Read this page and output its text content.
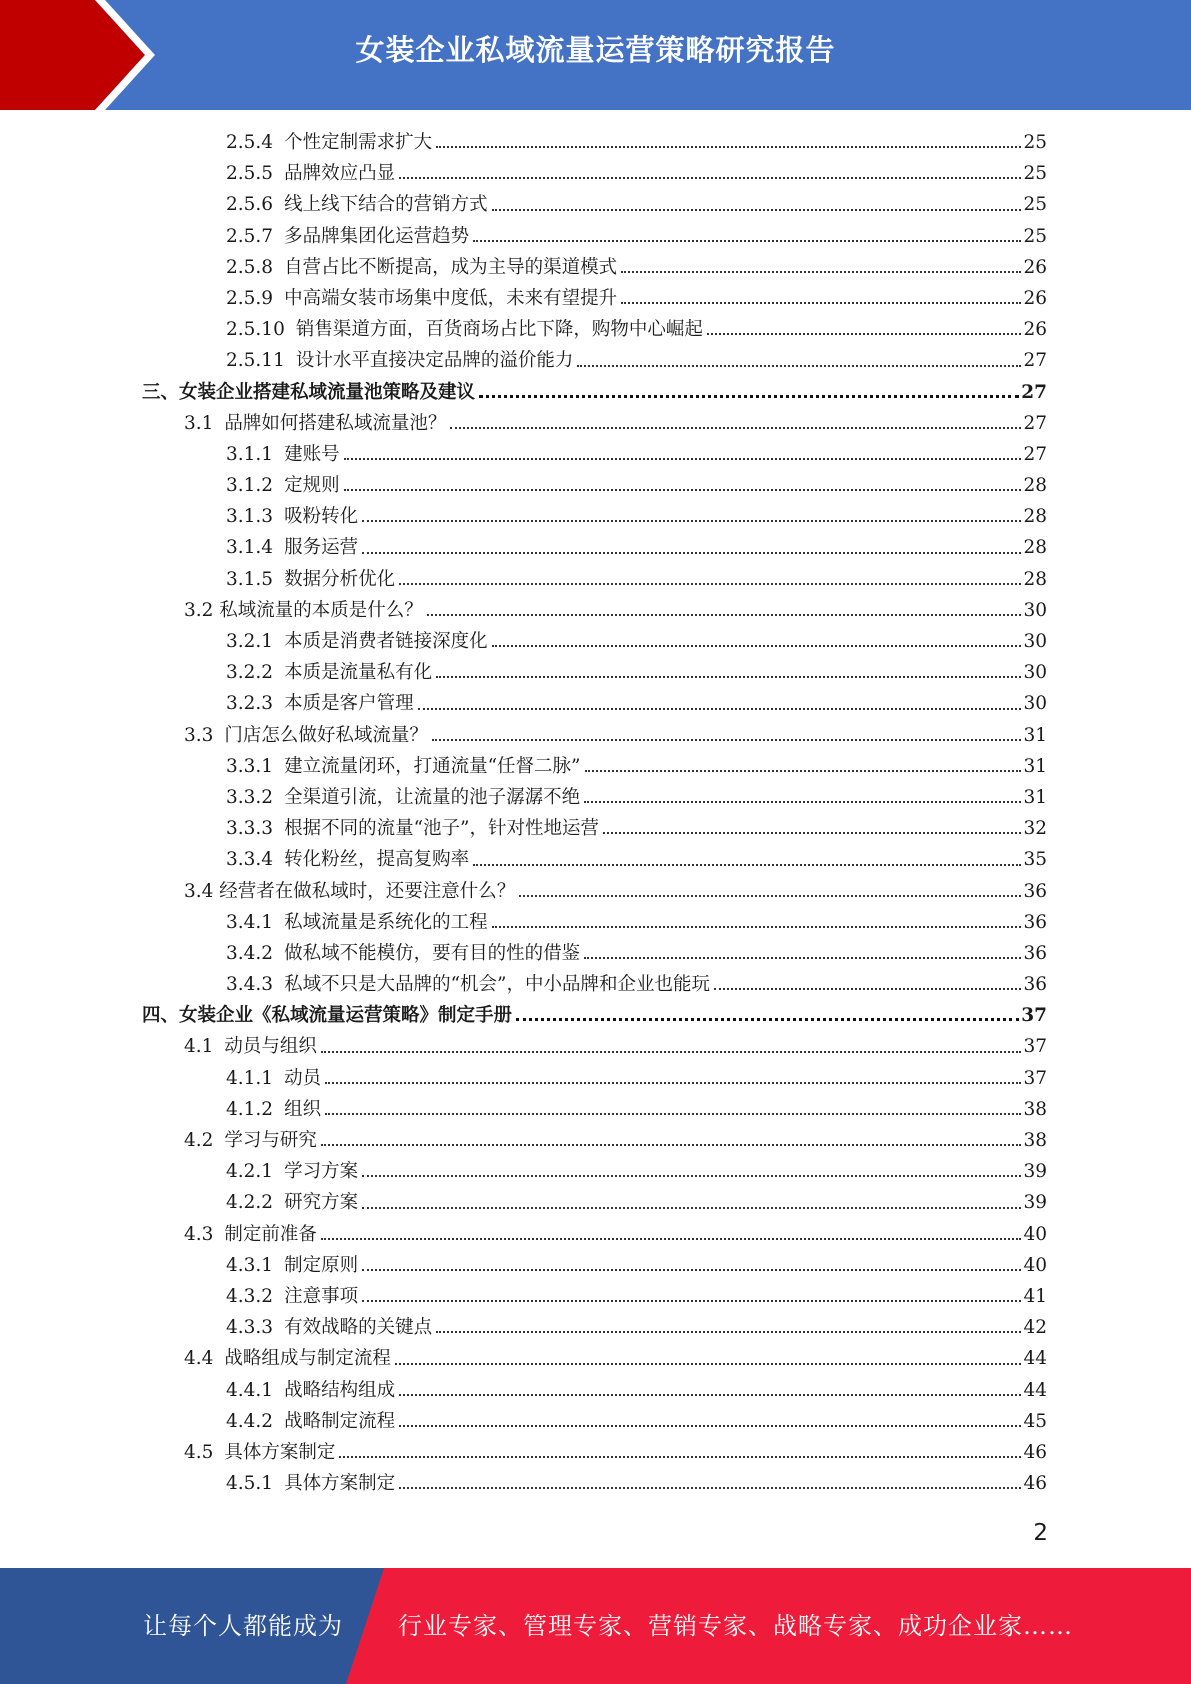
女装企业私域流量运营策略研究报告
2.5.4 个性定制需求扩大	25
2.5.5 品牌效应凸显	25
2.5.6 线上线下结合的营销方式	25
2.5.7 多品牌集团化运营趋势	25
2.5.8 自营占比不断提高，成为主导的渠道模式	26
2.5.9 中高端女装市场集中度低，未来有望提升	26
2.5.10 销售渠道方面，百货商场占比下降，购物中心崛起	26
2.5.11 设计水平直接决定品牌的溢价能力	27
三、女装企业搭建私域流量池策略及建议	27
3.1 品牌如何搭建私域流量池？	27
3.1.1 建账号	27
3.1.2 定规则	28
3.1.3 吸粉转化	28
3.1.4 服务运营	28
3.1.5 数据分析优化	28
3.2 私域流量的本质是什么？	30
3.2.1 本质是消费者链接深度化	30
3.2.2 本质是流量私有化	30
3.2.3 本质是客户管理	30
3.3 门店怎么做好私域流量？	31
3.3.1 建立流量闭环，打通流量“任督二脉”	31
3.3.2 全渠道引流，让流量的池子潺潺不绝	31
3.3.3 根据不同的流量“池子”，针对性地运营	32
3.3.4 转化粉丝，提高复购率	35
3.4 经营者在做私域时，还要注意什么？	36
3.4.1 私域流量是系统化的工程	36
3.4.2 做私域不能模仿，要有目的性的借鉴	36
3.4.3 私域不只是大品牌的“机会”，中小品牌和企业也能玩	36
四、女装企业《私域流量运营策略》制定手册	37
4.1 动员与组织	37
4.1.1 动员	37
4.1.2 组织	38
4.2 学习与研究	38
4.2.1 学习方案	39
4.2.2 研究方案	39
4.3 制定前准备	40
4.3.1 制定原则	40
4.3.2 注意事项	41
4.3.3 有效战略的关键点	42
4.4 战略组成与制定流程	44
4.4.1 战略结构组成	44
4.4.2 战略制定流程	45
4.5 具体方案制定	46
4.5.1 具体方案制定	46
2
让每个人都能成为 行业专家、管理专家、营销专家、战略专家、成功企业家……
